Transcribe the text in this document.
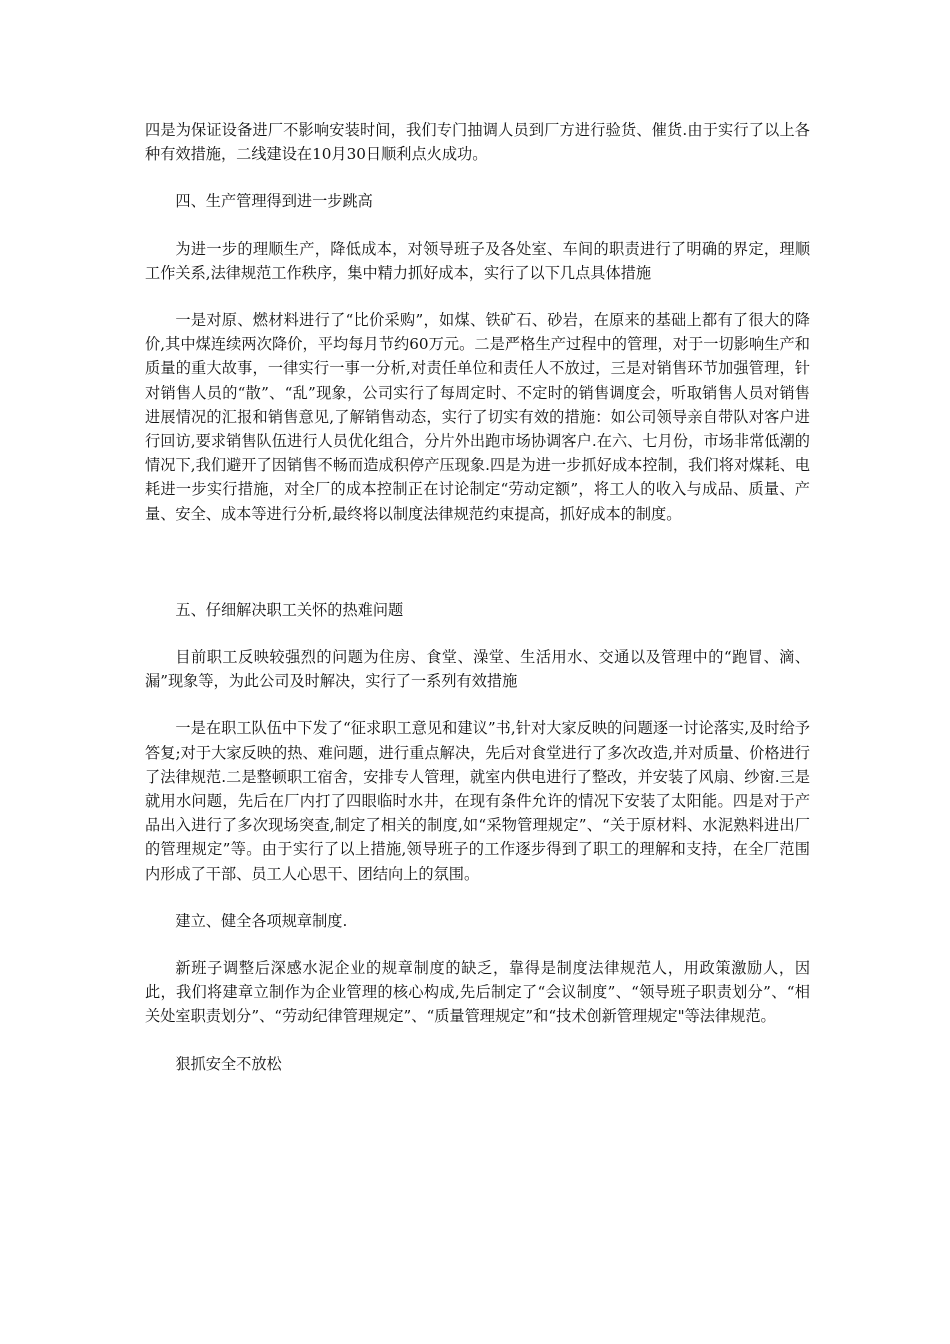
四是为保证设备进厂不影响安装时间，我们专门抽调人员到厂方进行验货、催货.由于实行了以上各种有效措施，二线建设在10月30日顺利点火成功。

四、生产管理得到进一步跳高

为进一步的理顺生产，降低成本，对领导班子及各处室、车间的职责进行了明确的界定，理顺工作关系,法律规范工作秩序，集中精力抓好成本，实行了以下几点具体措施

一是对原、燃材料进行了“比价采购”，如煤、铁矿石、砂岩，在原来的基础上都有了很大的降价,其中煤连续两次降价，平均每月节约60万元。二是严格生产过程中的管理，对于一切影响生产和质量的重大故事，一律实行一事一分析,对责任单位和责任人不放过，三是对销售环节加强管理，针对销售人员的“散”、“乱”现象，公司实行了每周定时、不定时的销售调度会，听取销售人员对销售进展情况的汇报和销售意见,了解销售动态，实行了切实有效的措施：如公司领导亲自带队对客户进行回访,要求销售队伍进行人员优化组合，分片外出跑市场协调客户.在六、七月份，市场非常低潮的情况下,我们避开了因销售不畅而造成积停产压现象.四是为进一步抓好成本控制，我们将对煤耗、电耗进一步实行措施，对全厂的成本控制正在讨论制定“劳动定额”，将工人的收入与成品、质量、产量、安全、成本等进行分析,最终将以制度法律规范约束提高，抓好成本的制度。

五、仔细解决职工关怀的热难问题

目前职工反映较强烈的问题为住房、食堂、澡堂、生活用水、交通以及管理中的“跑冒、滴、漏”现象等，为此公司及时解决，实行了一系列有效措施

一是在职工队伍中下发了“征求职工意见和建议”书,针对大家反映的问题逐一讨论落实,及时给予答复;对于大家反映的热、难问题，进行重点解决，先后对食堂进行了多次改造,并对质量、价格进行了法律规范.二是整顿职工宿舍，安排专人管理，就室内供电进行了整改，并安装了风扇、纱窗.三是就用水问题，先后在厂内打了四眼临时水井，在现有条件允许的情况下安装了太阳能。四是对于产品出入进行了多次现场突查,制定了相关的制度,如“采物管理规定”、“关于原材料、水泥熟料进出厂的管理规定”等。由于实行了以上措施,领导班子的工作逐步得到了职工的理解和支持，在全厂范围内形成了干部、员工人心思干、团结向上的氛围。

建立、健全各项规章制度.

新班子调整后深感水泥企业的规章制度的缺乏，靠得是制度法律规范人，用政策激励人，因此，我们将建章立制作为企业管理的核心构成,先后制定了“会议制度”、“领导班子职责划分”、“相关处室职责划分”、“劳动纪律管理规定”、“质量管理规定”和“技术创新管理规定"等法律规范。

狠抓安全不放松
